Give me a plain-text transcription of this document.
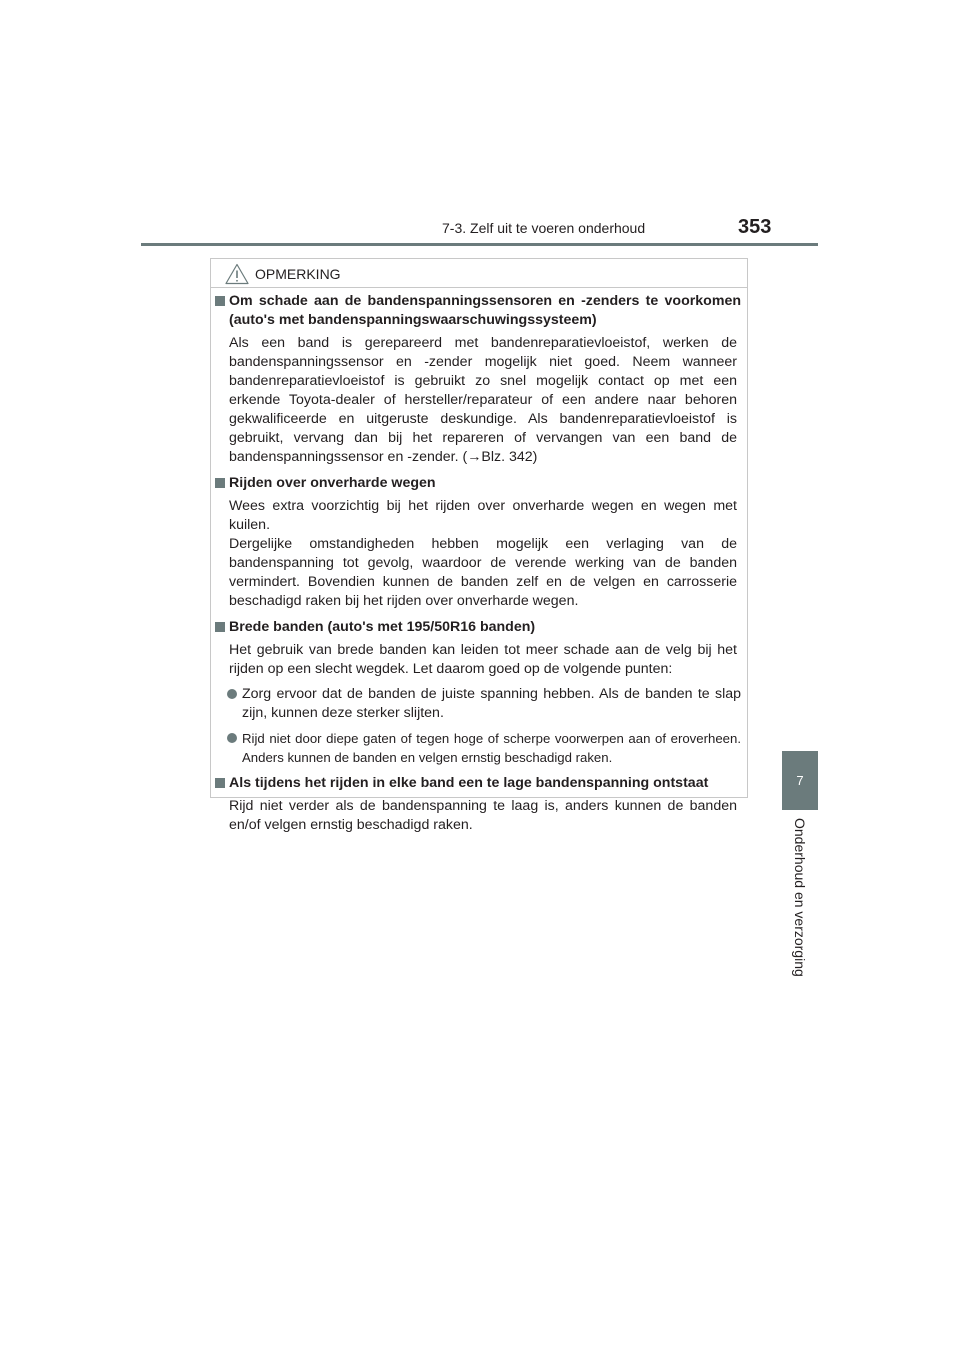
7-3. Zelf uit te voeren onderhoud	353
7
Onderhoud en verzorging
OPMERKING
Om schade aan de bandenspanningssensoren en -zenders te voorkomen (auto's met bandenspanningswaarschuwingssysteem)
Als een band is gerepareerd met bandenreparatievloeistof, werken de bandenspanningssensor en -zender mogelijk niet goed. Neem wanneer bandenreparatievloeistof is gebruikt zo snel mogelijk contact op met een erkende Toyota-dealer of hersteller/reparateur of een andere naar behoren gekwalificeerde en uitgeruste deskundige. Als bandenreparatievloeistof is gebruikt, vervang dan bij het repareren of vervangen van een band de bandenspanningssensor en -zender. (→Blz. 342)
Rijden over onverharde wegen
Wees extra voorzichtig bij het rijden over onverharde wegen en wegen met kuilen.
Dergelijke omstandigheden hebben mogelijk een verlaging van de bandenspanning tot gevolg, waardoor de verende werking van de banden vermindert. Bovendien kunnen de banden zelf en de velgen en carrosserie beschadigd raken bij het rijden over onverharde wegen.
Brede banden (auto's met 195/50R16 banden)
Het gebruik van brede banden kan leiden tot meer schade aan de velg bij het rijden op een slecht wegdek. Let daarom goed op de volgende punten:
Zorg ervoor dat de banden de juiste spanning hebben. Als de banden te slap zijn, kunnen deze sterker slijten.
Rijd niet door diepe gaten of tegen hoge of scherpe voorwerpen aan of eroverheen. Anders kunnen de banden en velgen ernstig beschadigd raken.
Als tijdens het rijden in elke band een te lage bandenspanning ontstaat
Rijd niet verder als de bandenspanning te laag is, anders kunnen de banden en/of velgen ernstig beschadigd raken.
